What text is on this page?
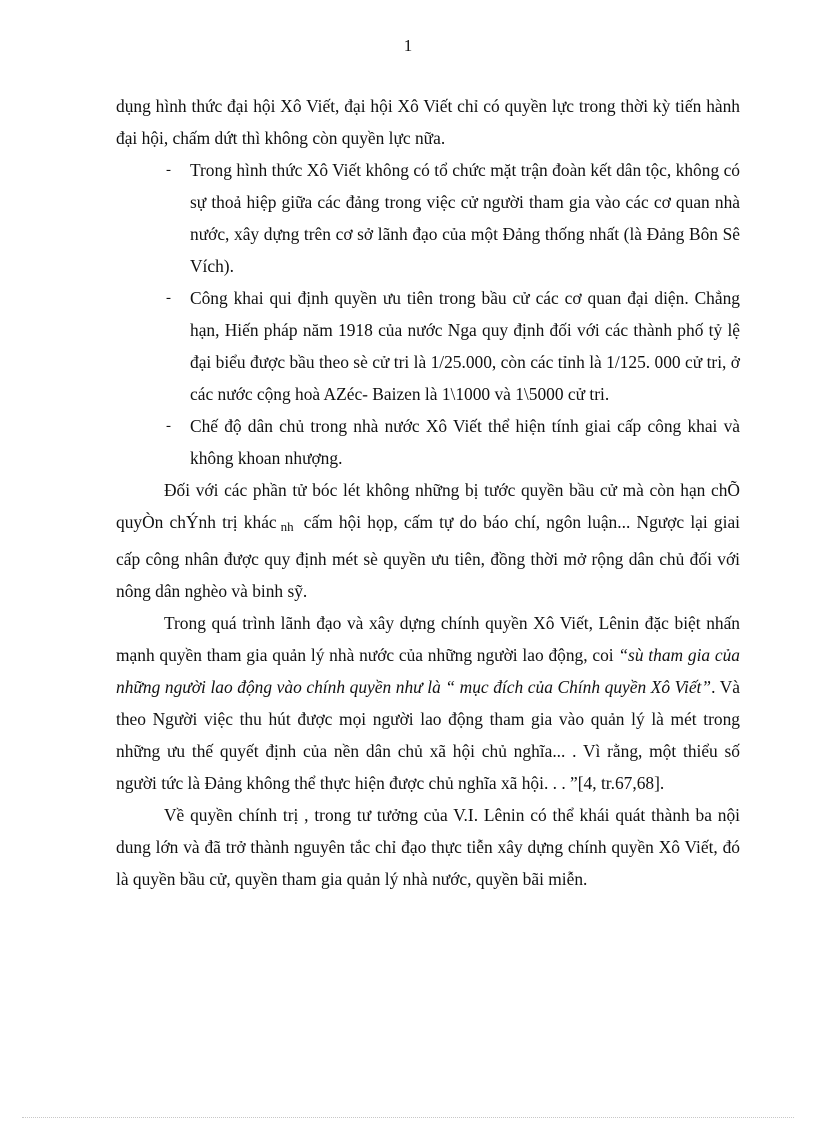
1

dụng hình thức đại hội Xô Viết, đại hội Xô Viết chỉ có quyền lực trong thời kỳ tiến hành đại hội, chấm dứt thì không còn quyền lực nữa.

- Trong hình thức Xô Viết không có tổ chức mặt trận đoàn kết dân tộc, không có sự thoả hiệp giữa các đảng trong việc cử người tham gia vào các cơ quan nhà nước, xây dựng trên cơ sở lãnh đạo của một Đảng thống nhất (là Đảng Bôn Sê Vích).
- Công khai qui định quyền ưu tiên trong bầu cử các cơ quan đại diện. Chẳng hạn, Hiến pháp năm 1918 của nước Nga quy định đối với các thành phố tỷ lệ đại biểu được bầu theo sè cử tri là 1/25.000, còn các tỉnh là 1/125. 000 cử tri, ở các nước cộng hoà AZéc- Baizen là 1\1000 và 1\5000 cử tri.
- Chế độ dân chủ trong nhà nước Xô Viết thể hiện tính giai cấp công khai và không khoan nhượng.

Đối với các phần tử bóc lét không những bị tước quyền bầu cử mà còn hạn chÕ quyÒn chÝnh trị khác nh cấm hội họp, cấm tự do báo chí, ngôn luận... Ngược lại giai cấp công nhân được quy định mét sè quyền ưu tiên, đồng thời mở rộng dân chủ đối với nông dân nghèo và binh sỹ.

Trong quá trình lãnh đạo và xây dựng chính quyền Xô Viết, Lênin đặc biệt nhấn mạnh quyền tham gia quản lý nhà nước của những người lao động, coi “sù tham gia của những người lao động vào chính quyền như là “ mục đích của Chính quyền Xô Viết”. Và theo Người việc thu hút được mọi người lao động tham gia vào quản lý là mét trong những ưu thế quyết định của nền dân chủ xã hội chủ nghĩa... . Vì rằng, một thiểu số người tức là Đảng không thể thực hiện được chủ nghĩa xã hội. . . ”[4, tr.67,68].

Về quyền chính trị , trong tư tưởng của V.I. Lênin có thể khái quát thành ba nội dung lớn và đã trở thành nguyên tắc chỉ đạo thực tiễn xây dựng chính quyền Xô Viết, đó là quyền bầu cử, quyền tham gia quản lý nhà nước, quyền bãi miễn.
